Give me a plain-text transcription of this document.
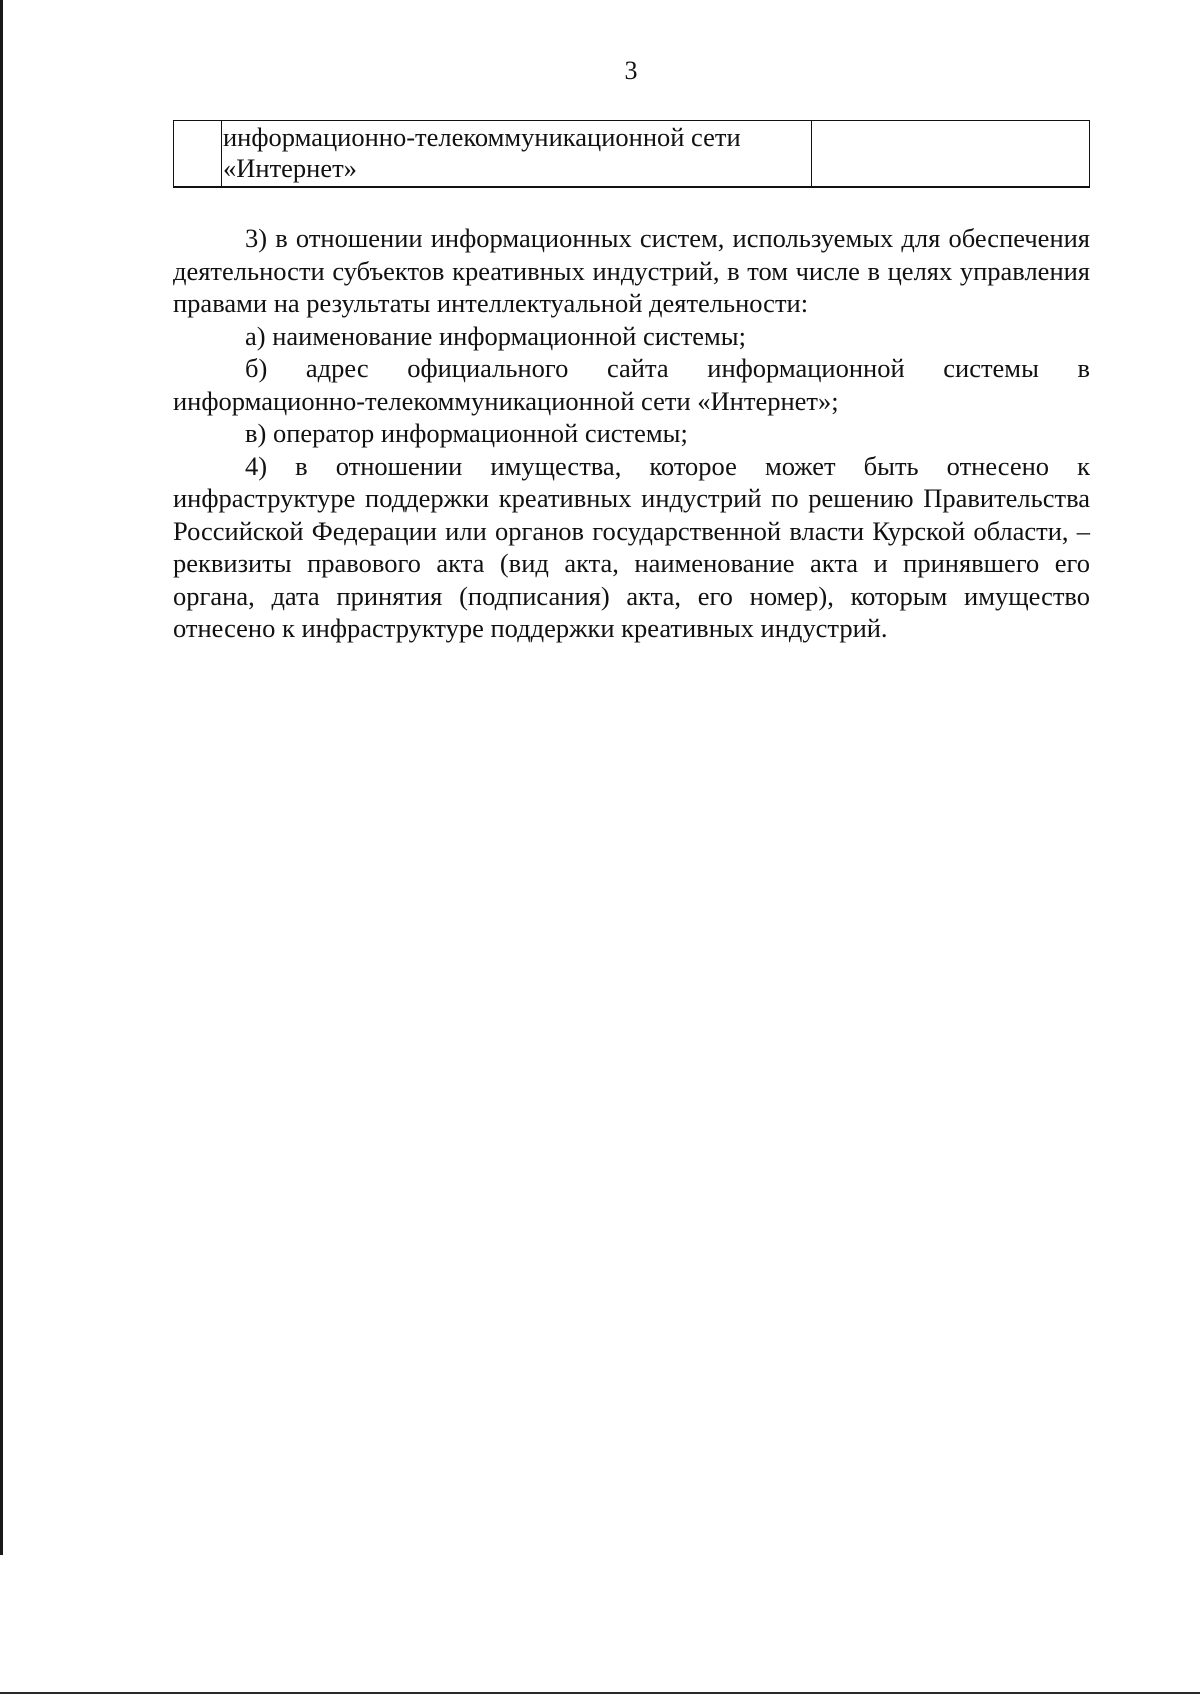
3
	информационно-телекоммуникационной сети «Интернет»	

3) в отношении информационных систем, используемых для обеспечения деятельности субъектов креативных индустрий, в том числе в целях управления правами на результаты интеллектуальной деятельности:

а) наименование информационной системы;

б) адрес официального сайта информационной системы в информационно-телекоммуникационной сети «Интернет»;

в) оператор информационной системы;

4) в отношении имущества, которое может быть отнесено к инфраструктуре поддержки креативных индустрий по решению Правительства Российской Федерации или органов государственной власти Курской области, – реквизиты правового акта (вид акта, наименование акта и принявшего его органа, дата принятия (подписания) акта, его номер), которым имущество отнесено к инфраструктуре поддержки креативных индустрий.
